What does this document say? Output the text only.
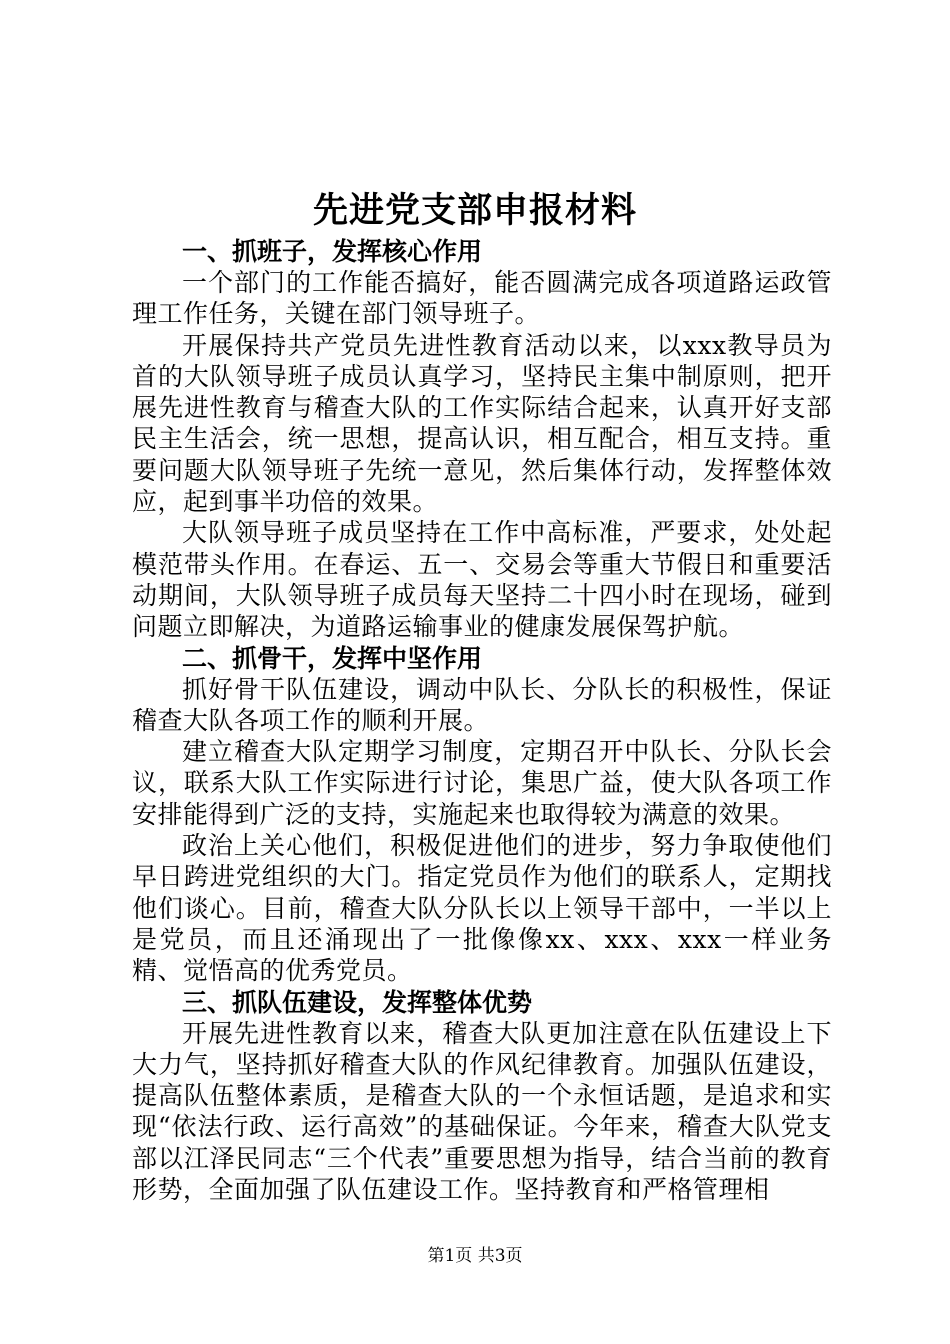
先进党支部申报材料

一、抓班子，发挥核心作用

一个部门的工作能否搞好，能否圆满完成各项道路运政管理工作任务，关键在部门领导班子。

开展保持共产党员先进性教育活动以来，以xxx教导员为首的大队领导班子成员认真学习，坚持民主集中制原则，把开展先进性教育与稽查大队的工作实际结合起来，认真开好支部民主生活会，统一思想，提高认识，相互配合，相互支持。重要问题大队领导班子先统一意见，然后集体行动，发挥整体效应，起到事半功倍的效果。

大队领导班子成员坚持在工作中高标准，严要求，处处起模范带头作用。在春运、五一、交易会等重大节假日和重要活动期间，大队领导班子成员每天坚持二十四小时在现场，碰到问题立即解决，为道路运输事业的健康发展保驾护航。

二、抓骨干，发挥中坚作用

抓好骨干队伍建设，调动中队长、分队长的积极性，保证稽查大队各项工作的顺利开展。

建立稽查大队定期学习制度，定期召开中队长、分队长会议，联系大队工作实际进行讨论，集思广益，使大队各项工作安排能得到广泛的支持，实施起来也取得较为满意的效果。

政治上关心他们，积极促进他们的进步，努力争取使他们早日跨进党组织的大门。指定党员作为他们的联系人，定期找他们谈心。目前，稽查大队分队长以上领导干部中，一半以上是党员，而且还涌现出了一批像像xx、xxx、xxx一样业务精、觉悟高的优秀党员。

三、抓队伍建设，发挥整体优势

开展先进性教育以来，稽查大队更加注意在队伍建设上下大力气，坚持抓好稽查大队的作风纪律教育。加强队伍建设，提高队伍整体素质，是稽查大队的一个永恒话题，是追求和实现“依法行政、运行高效”的基础保证。今年来，稽查大队党支部以江泽民同志“三个代表”重要思想为指导，结合当前的教育形势，全面加强了队伍建设工作。坚持教育和严格管理相

第1页 共3页
